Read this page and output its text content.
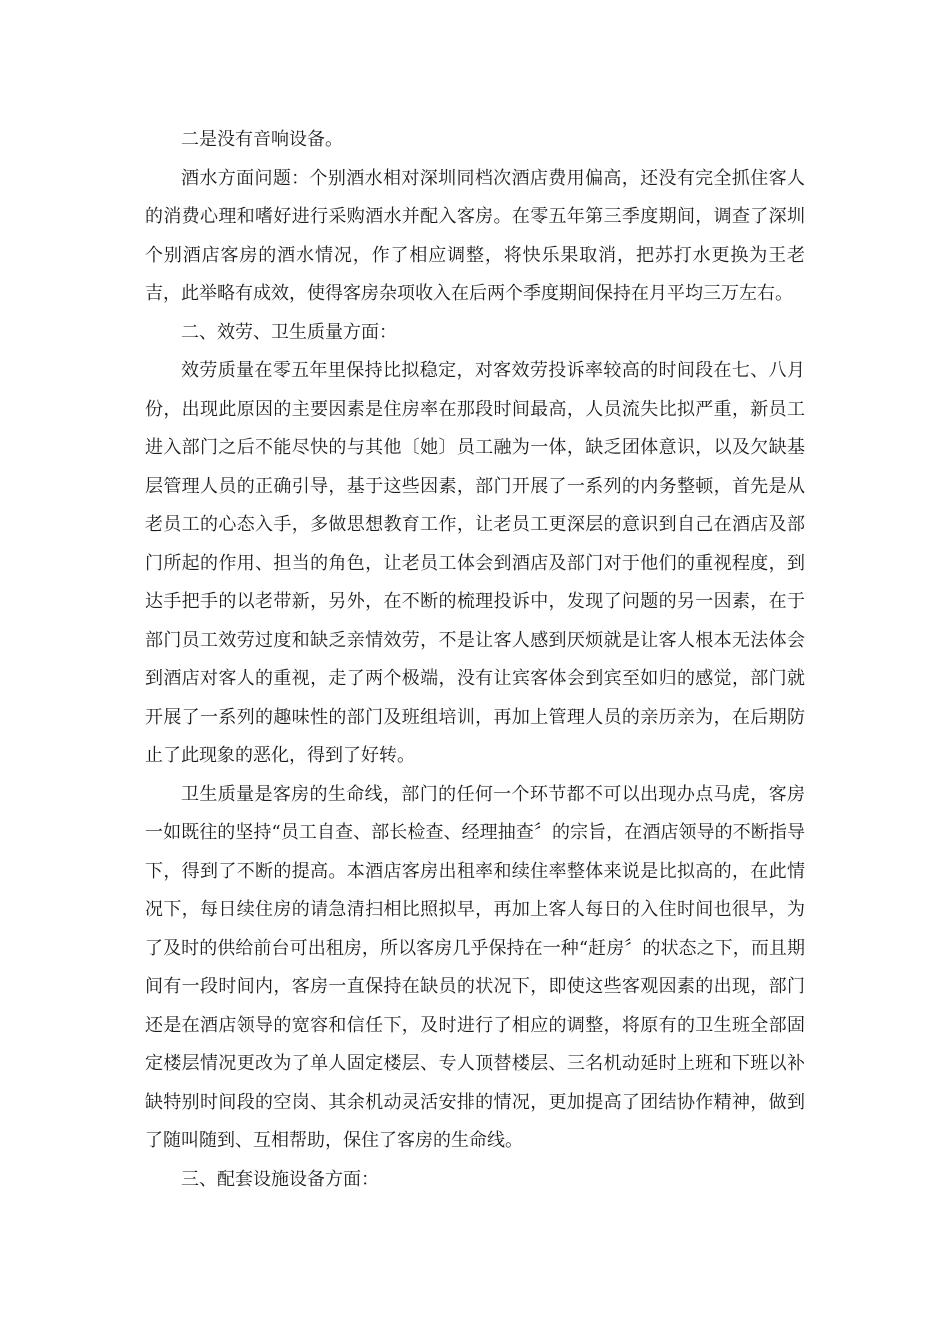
二是没有音响设备。

酒水方面问题：个别酒水相对深圳同档次酒店费用偏高，还没有完全抓住客人的消费心理和嗜好进行采购酒水并配入客房。在零五年第三季度期间，调查了深圳个别酒店客房的酒水情况，作了相应调整，将快乐果取消，把苏打水更换为王老吉，此举略有成效，使得客房杂项收入在后两个季度期间保持在月平均三万左右。

二、效劳、卫生质量方面：

效劳质量在零五年里保持比拟稳定，对客效劳投诉率较高的时间段在七、八月份，出现此原因的主要因素是住房率在那段时间最高，人员流失比拟严重，新员工进入部门之后不能尽快的与其他〔她〕员工融为一体，缺乏团体意识，以及欠缺基层管理人员的正确引导，基于这些因素，部门开展了一系列的内务整顿，首先是从老员工的心态入手，多做思想教育工作，让老员工更深层的意识到自己在酒店及部门所起的作用、担当的角色，让老员工体会到酒店及部门对于他们的重视程度，到达手把手的以老带新，另外，在不断的梳理投诉中，发现了问题的另一因素，在于部门员工效劳过度和缺乏亲情效劳，不是让客人感到厌烦就是让客人根本无法体会到酒店对客人的重视，走了两个极端，没有让宾客体会到宾至如归的感觉，部门就开展了一系列的趣味性的部门及班组培训，再加上管理人员的亲历亲为，在后期防止了此现象的恶化，得到了好转。

卫生质量是客房的生命线，部门的任何一个环节都不可以出现办点马虎，客房一如既往的坚持“员工自查、部长检查、经理抽查〞的宗旨，在酒店领导的不断指导下，得到了不断的提高。本酒店客房出租率和续住率整体来说是比拟高的，在此情况下，每日续住房的请急清扫相比照拟早，再加上客人每日的入住时间也很早，为了及时的供给前台可出租房，所以客房几乎保持在一种“赶房〞的状态之下，而且期间有一段时间内，客房一直保持在缺员的状况下，即使这些客观因素的出现，部门还是在酒店领导的宽容和信任下，及时进行了相应的调整，将原有的卫生班全部固定楼层情况更改为了单人固定楼层、专人顶替楼层、三名机动延时上班和下班以补缺特别时间段的空岗、其余机动灵活安排的情况，更加提高了团结协作精神，做到了随叫随到、互相帮助，保住了客房的生命线。

三、配套设施设备方面：
